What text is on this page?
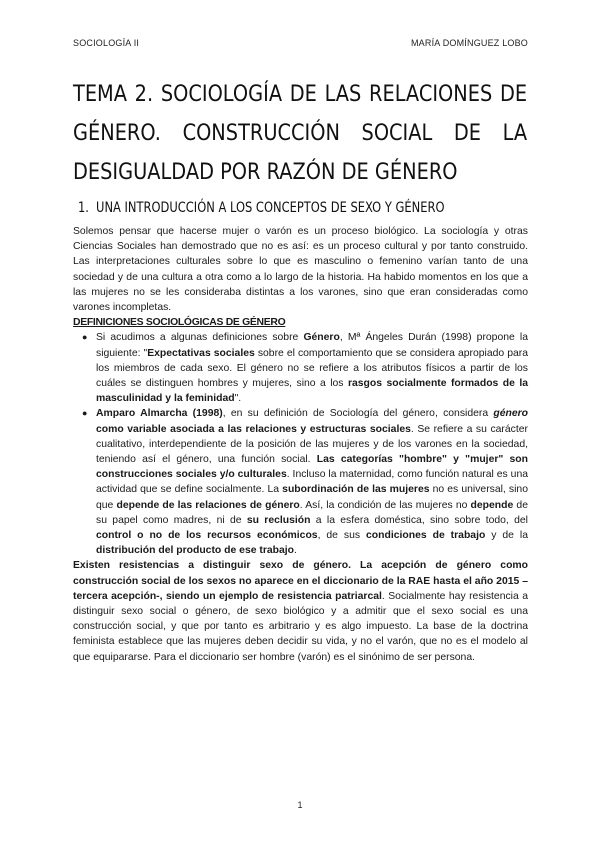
SOCIOLOGÍA II	MARÍA DOMÍNGUEZ LOBO
TEMA 2. SOCIOLOGÍA DE LAS RELACIONES DE GÉNERO. CONSTRUCCIÓN SOCIAL DE LA DESIGUALDAD POR RAZÓN DE GÉNERO
1. UNA INTRODUCCIÓN A LOS CONCEPTOS DE SEXO Y GÉNERO

Solemos pensar que hacerse mujer o varón es un proceso biológico. La sociología y otras Ciencias Sociales han demostrado que no es así: es un proceso cultural y por tanto construido. Las interpretaciones culturales sobre lo que es masculino o femenino varían tanto de una sociedad y de una cultura a otra como a lo largo de la historia. Ha habido momentos en los que a las mujeres no se les consideraba distintas a los varones, sino que eran consideradas como varones incompletas.

DEFINICIONES SOCIOLÓGICAS DE GÉNERO

● Si acudimos a algunas definiciones sobre Género, Mª Ángeles Durán (1998) propone la siguiente: "Expectativas sociales sobre el comportamiento que se considera apropiado para los miembros de cada sexo. El género no se refiere a los atributos físicos a partir de los cuáles se distinguen hombres y mujeres, sino a los rasgos socialmente formados de la masculinidad y la feminidad".
● Amparo Almarcha (1998), en su definición de Sociología del género, considera género como variable asociada a las relaciones y estructuras sociales. Se refiere a su carácter cualitativo, interdependiente de la posición de las mujeres y de los varones en la sociedad, teniendo así el género, una función social. Las categorías "hombre" y "mujer" son construcciones sociales y/o culturales. Incluso la maternidad, como función natural es una actividad que se define socialmente. La subordinación de las mujeres no es universal, sino que depende de las relaciones de género. Así, la condición de las mujeres no depende de su papel como madres, ni de su reclusión a la esfera doméstica, sino sobre todo, del control o no de los recursos económicos, de sus condiciones de trabajo y de la distribución del producto de ese trabajo.

Existen resistencias a distinguir sexo de género. La acepción de género como construcción social de los sexos no aparece en el diccionario de la RAE hasta el año 2015 –tercera acepción-, siendo un ejemplo de resistencia patriarcal. Socialmente hay resistencia a distinguir sexo social o género, de sexo biológico y a admitir que el sexo social es una construcción social, y que por tanto es arbitrario y es algo impuesto. La base de la doctrina feminista establece que las mujeres deben decidir su vida, y no el varón, que no es el modelo al que equipararse. Para el diccionario ser hombre (varón) es el sinónimo de ser persona.

1
